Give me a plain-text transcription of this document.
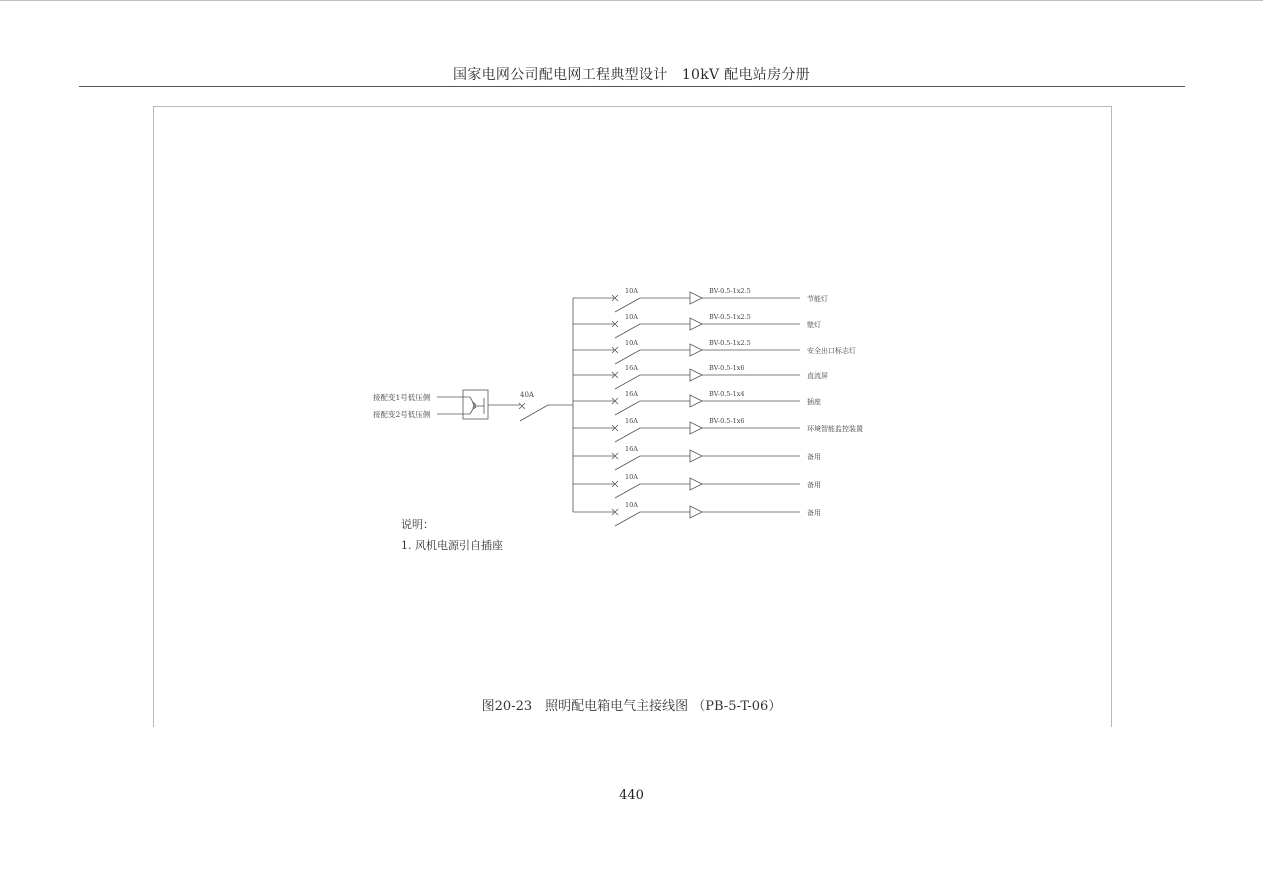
国家电网公司配电网工程典型设计　10kV 配电站房分册
↕
接配变1号低压侧
接配变2号低压侧
40A
10A	BV-0.5-1x2.5
节能灯
10A	BV-0.5-1x2.5
壁灯
10A	BV-0.5-1x2.5
安全出口标志灯
16A	BV-0.5-1x6
直流屏
16A	BV-0.5-1x4
插座
16A	BV-0.5-1x6
环境智能监控装置
16A
备用
10A
备用
10A
备用
说明：
1. 风机电源引自插座
图20-23　照明配电箱电气主接线图 （PB-5-T-06）
440
